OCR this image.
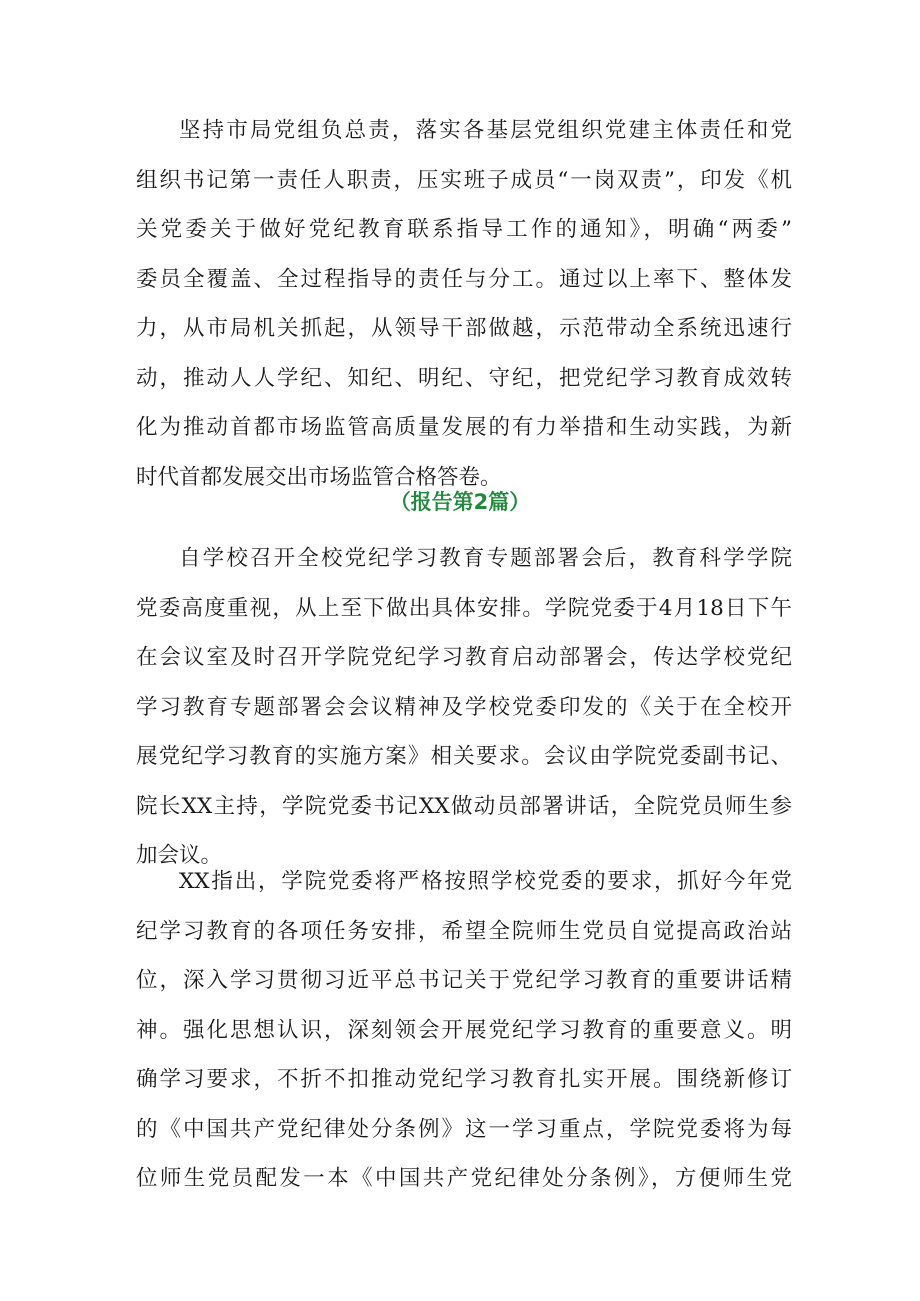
坚持市局党组负总责，落实各基层党组织党建主体责任和党
组织书记第一责任人职责，压实班子成员“一岗双责”，印发《机
关党委关于做好党纪教育联系指导工作的通知》，明确“两委”
委员全覆盖、全过程指导的责任与分工。通过以上率下、整体发
力，从市局机关抓起，从领导干部做越，示范带动全系统迅速行
动，推动人人学纪、知纪、明纪、守纪，把党纪学习教育成效转
化为推动首都市场监管高质量发展的有力举措和生动实践，为新
时代首都发展交出市场监管合格答卷。
（报告第2篇）
自学校召开全校党纪学习教育专题部署会后，教育科学学院
党委高度重视，从上至下做出具体安排。学院党委于4月18日下午
在会议室及时召开学院党纪学习教育启动部署会，传达学校党纪
学习教育专题部署会会议精神及学校党委印发的《关于在全校开
展党纪学习教育的实施方案》相关要求。会议由学院党委副书记、
院长XX主持，学院党委书记XX做动员部署讲话，全院党员师生参
加会议。
XX指出，学院党委将严格按照学校党委的要求，抓好今年党
纪学习教育的各项任务安排，希望全院师生党员自觉提高政治站
位，深入学习贯彻习近平总书记关于党纪学习教育的重要讲话精
神。强化思想认识，深刻领会开展党纪学习教育的重要意义。明
确学习要求，不折不扣推动党纪学习教育扎实开展。围绕新修订
的《中国共产党纪律处分条例》这一学习重点，学院党委将为每
位师生党员配发一本《中国共产党纪律处分条例》，方便师生党
